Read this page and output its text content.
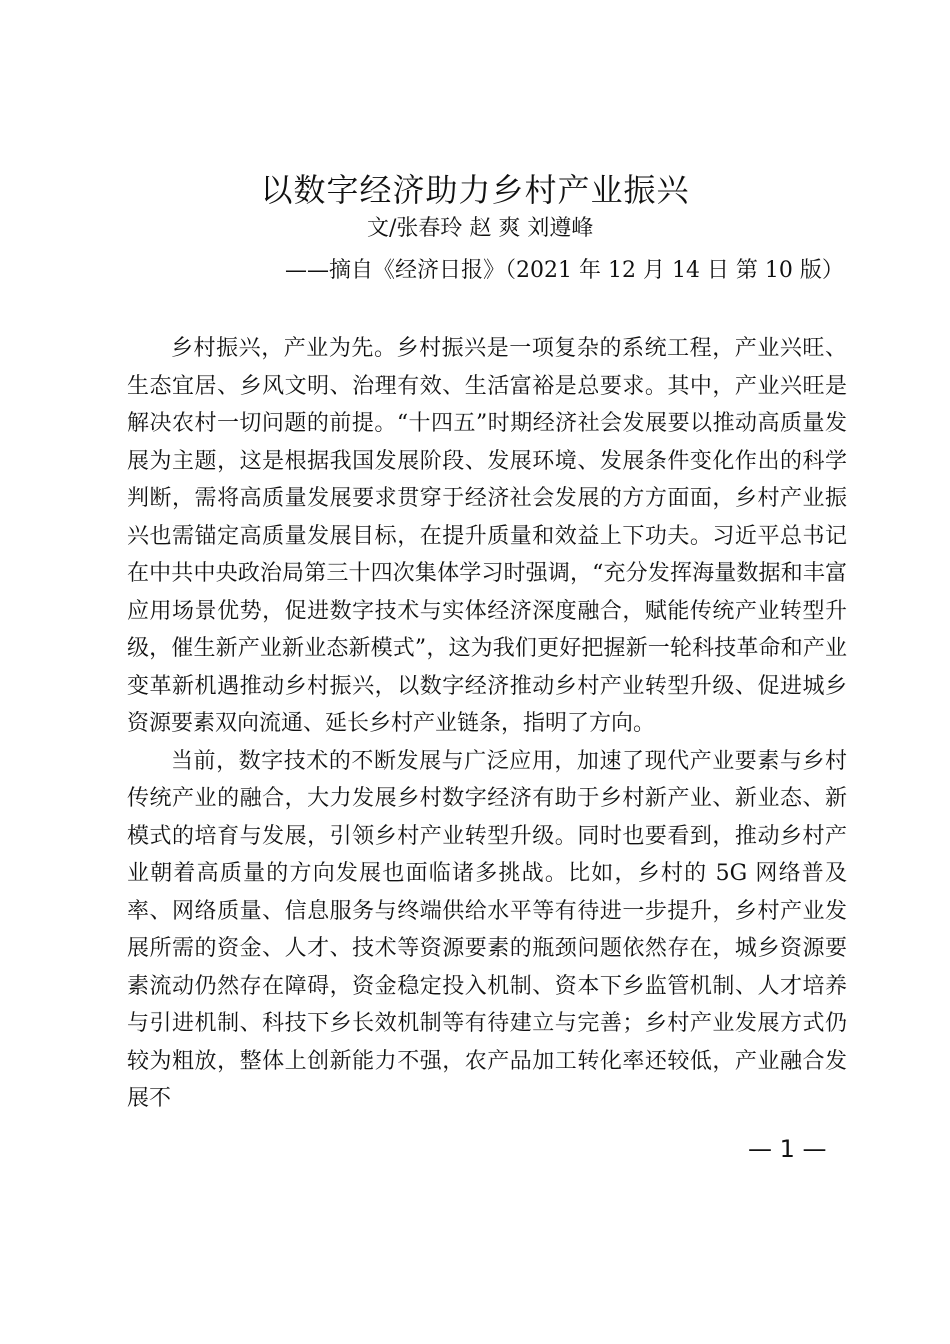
以数字经济助力乡村产业振兴
文/张春玲 赵 爽 刘遵峰
——摘自《经济日报》（2021 年 12 月 14 日 第 10 版）

乡村振兴，产业为先。乡村振兴是一项复杂的系统工程，产业兴旺、生态宜居、乡风文明、治理有效、生活富裕是总要求。其中，产业兴旺是解决农村一切问题的前提。“十四五”时期经济社会发展要以推动高质量发展为主题，这是根据我国发展阶段、发展环境、发展条件变化作出的科学判断，需将高质量发展要求贯穿于经济社会发展的方方面面，乡村产业振兴也需锚定高质量发展目标，在提升质量和效益上下功夫。习近平总书记在中共中央政治局第三十四次集体学习时强调，“充分发挥海量数据和丰富应用场景优势，促进数字技术与实体经济深度融合，赋能传统产业转型升级，催生新产业新业态新模式”，这为我们更好把握新一轮科技革命和产业变革新机遇推动乡村振兴，以数字经济推动乡村产业转型升级、促进城乡资源要素双向流通、延长乡村产业链条，指明了方向。

当前，数字技术的不断发展与广泛应用，加速了现代产业要素与乡村传统产业的融合，大力发展乡村数字经济有助于乡村新产业、新业态、新模式的培育与发展，引领乡村产业转型升级。同时也要看到，推动乡村产业朝着高质量的方向发展也面临诸多挑战。比如，乡村的 5G 网络普及率、网络质量、信息服务与终端供给水平等有待进一步提升，乡村产业发展所需的资金、人才、技术等资源要素的瓶颈问题依然存在，城乡资源要素流动仍然存在障碍，资金稳定投入机制、资本下乡监管机制、人才培养与引进机制、科技下乡长效机制等有待建立与完善；乡村产业发展方式仍较为粗放，整体上创新能力不强，农产品加工转化率还较低，产业融合发展不

— 1 —
